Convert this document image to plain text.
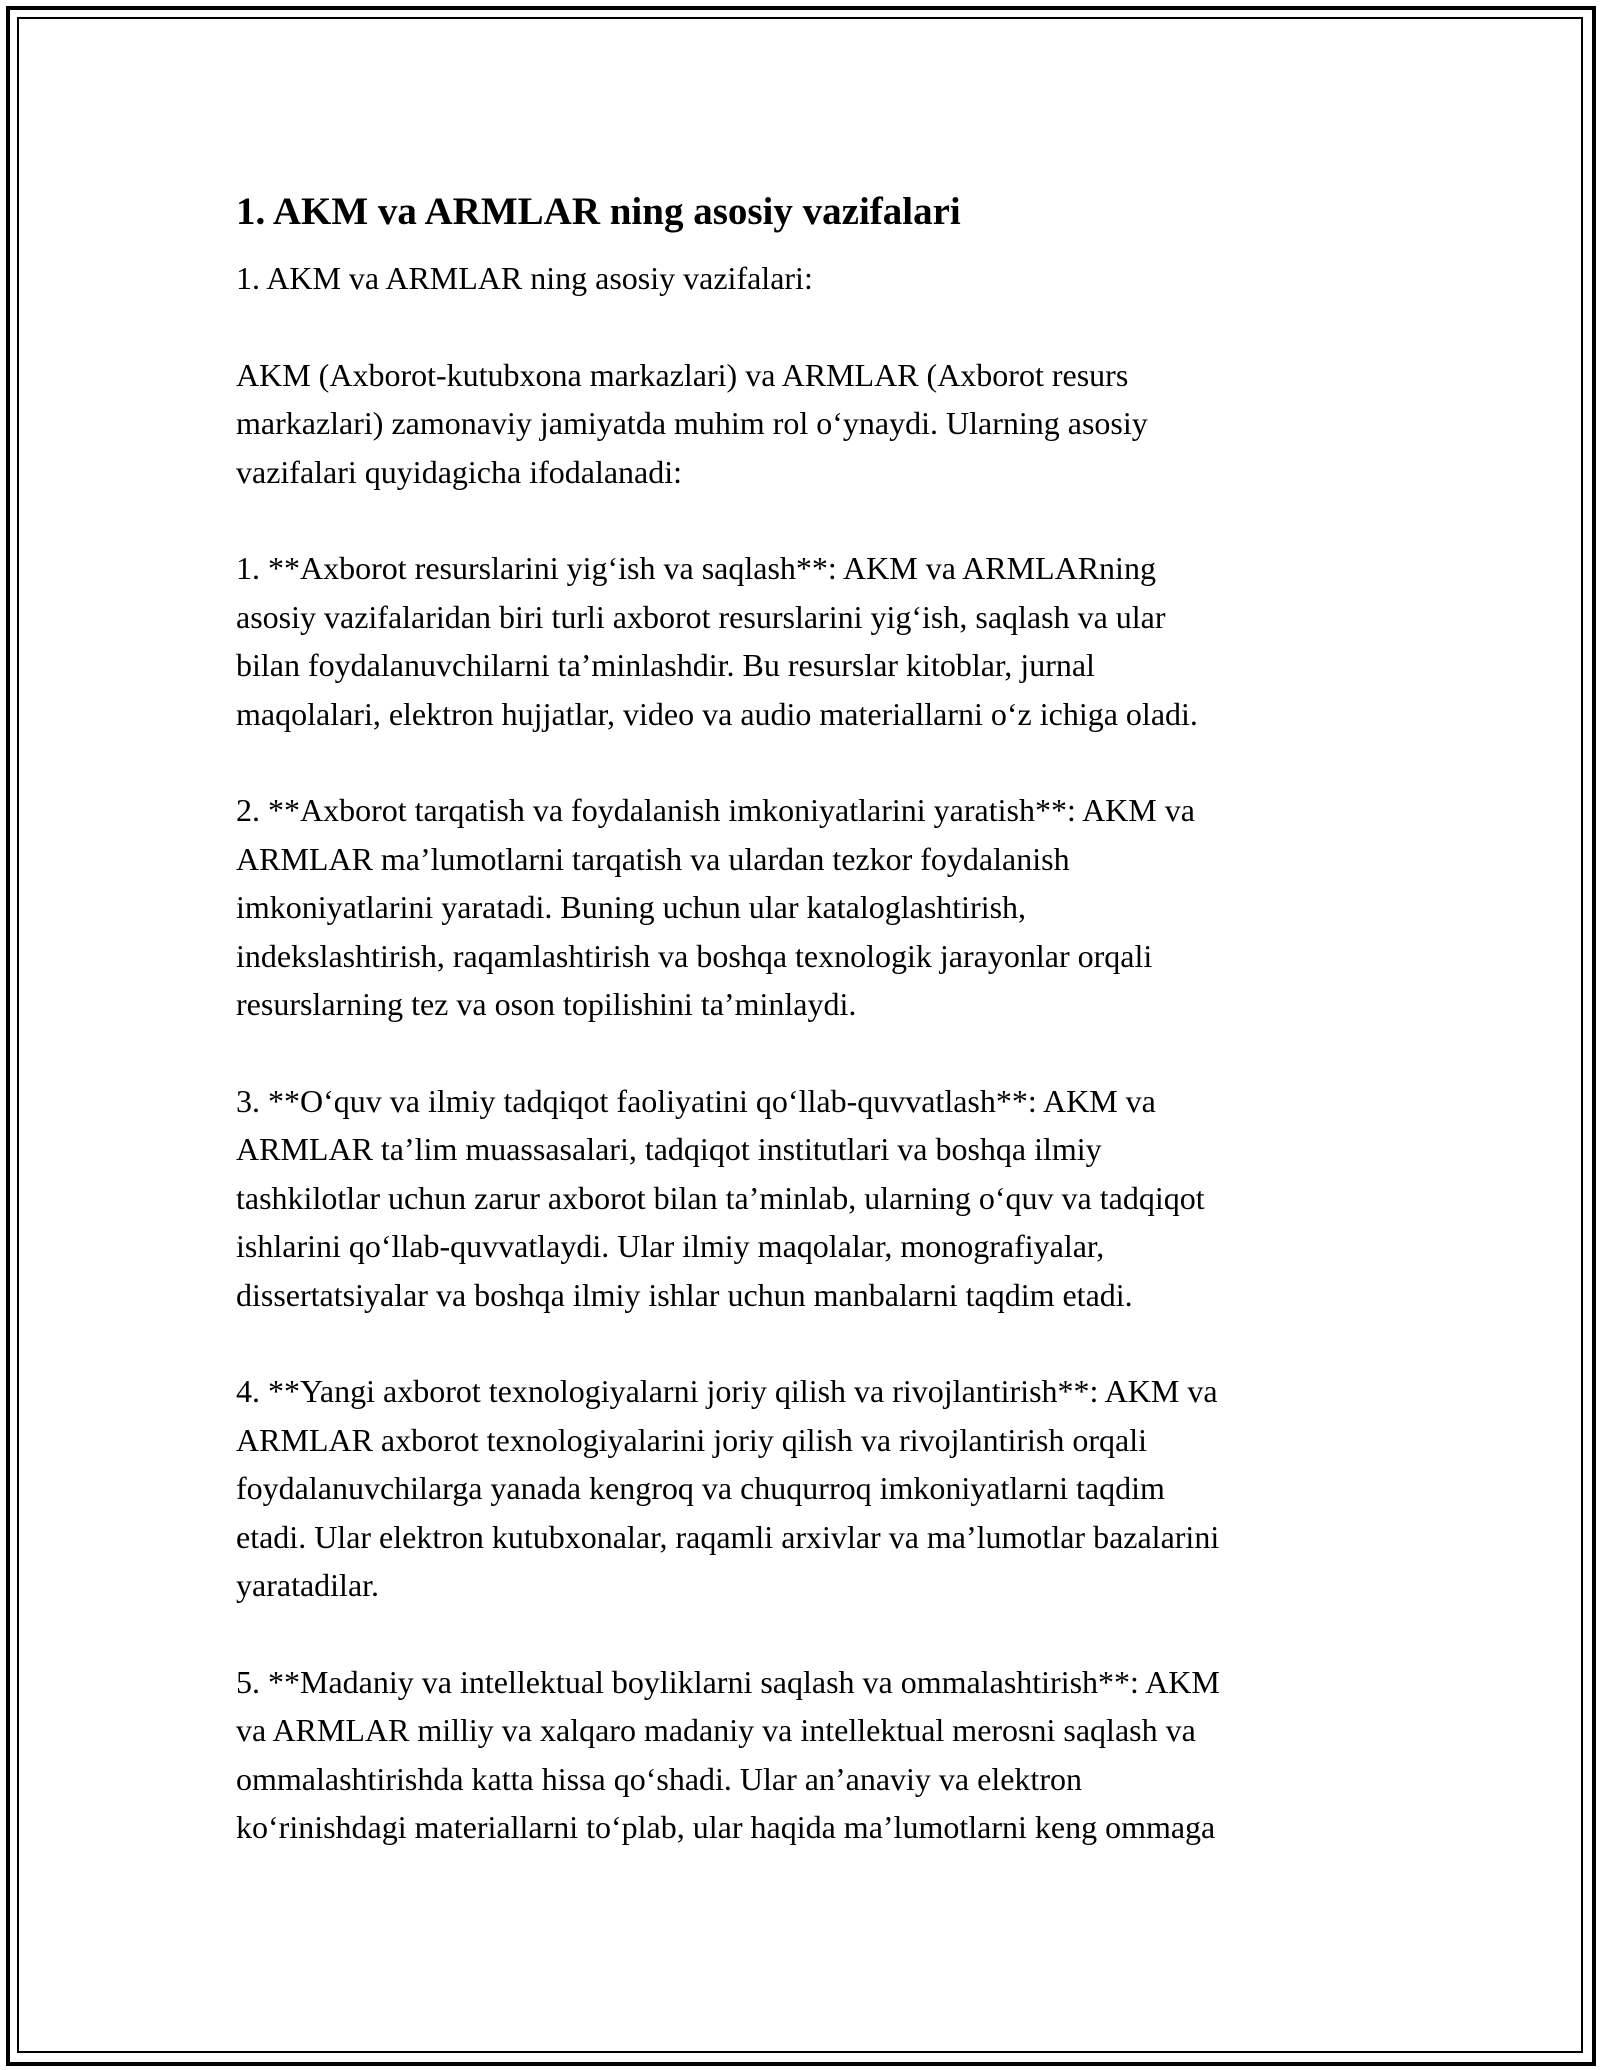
1. AKM va ARMLAR ning asosiy vazifalari

1. AKM va ARMLAR ning asosiy vazifalari:

AKM (Axborot-kutubxona markazlari) va ARMLAR (Axborot resurs
markazlari) zamonaviy jamiyatda muhim rol o‘ynaydi. Ularning asosiy
vazifalari quyidagicha ifodalanadi:

1. **Axborot resurslarini yig‘ish va saqlash**: AKM va ARMLARning
asosiy vazifalaridan biri turli axborot resurslarini yig‘ish, saqlash va ular
bilan foydalanuvchilarni ta’minlashdir. Bu resurslar kitoblar, jurnal
maqolalari, elektron hujjatlar, video va audio materiallarni o‘z ichiga oladi.

2. **Axborot tarqatish va foydalanish imkoniyatlarini yaratish**: AKM va
ARMLAR ma’lumotlarni tarqatish va ulardan tezkor foydalanish
imkoniyatlarini yaratadi. Buning uchun ular kataloglashtirish,
indekslashtirish, raqamlashtirish va boshqa texnologik jarayonlar orqali
resurslarning tez va oson topilishini ta’minlaydi.

3. **O‘quv va ilmiy tadqiqot faoliyatini qo‘llab-quvvatlash**: AKM va
ARMLAR ta’lim muassasalari, tadqiqot institutlari va boshqa ilmiy
tashkilotlar uchun zarur axborot bilan ta’minlab, ularning o‘quv va tadqiqot
ishlarini qo‘llab-quvvatlaydi. Ular ilmiy maqolalar, monografiyalar,
dissertatsiyalar va boshqa ilmiy ishlar uchun manbalarni taqdim etadi.

4. **Yangi axborot texnologiyalarni joriy qilish va rivojlantirish**: AKM va
ARMLAR axborot texnologiyalarini joriy qilish va rivojlantirish orqali
foydalanuvchilarga yanada kengroq va chuqurroq imkoniyatlarni taqdim
etadi. Ular elektron kutubxonalar, raqamli arxivlar va ma’lumotlar bazalarini
yaratadilar.

5. **Madaniy va intellektual boyliklarni saqlash va ommalashtirish**: AKM
va ARMLAR milliy va xalqaro madaniy va intellektual merosni saqlash va
ommalashtirishda katta hissa qo‘shadi. Ular an’anaviy va elektron
ko‘rinishdagi materiallarni to‘plab, ular haqida ma’lumotlarni keng ommaga
